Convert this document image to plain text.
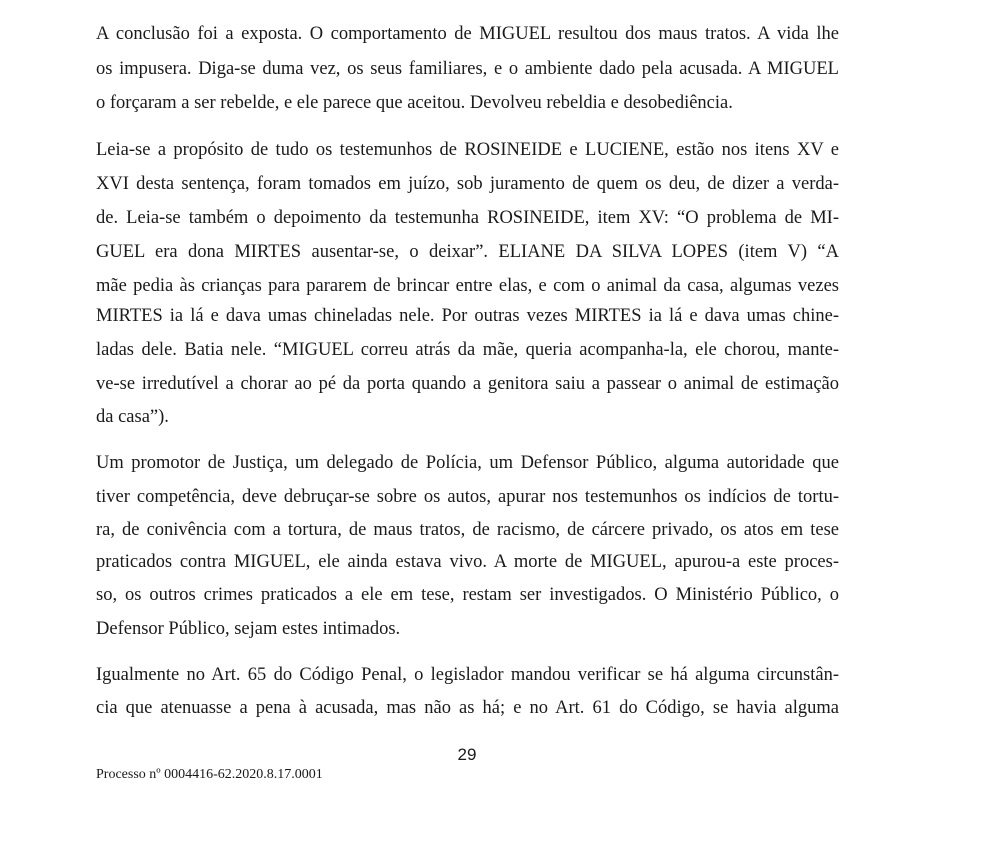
A conclusão foi a exposta. O comportamento de MIGUEL resultou dos maus tratos. A vida lhe
os impusera. Diga-se duma vez, os seus familiares, e o ambiente dado pela acusada. A MIGUEL
o forçaram a ser rebelde, e ele parece que aceitou. Devolveu rebeldia e desobediência.
Leia-se a propósito de tudo os testemunhos de ROSINEIDE e LUCIENE, estão nos itens XV e
XVI desta sentença, foram tomados em juízo, sob juramento de quem os deu, de dizer a verda-
de. Leia-se também o depoimento da testemunha ROSINEIDE, item XV: “O problema de MI-
GUEL era dona MIRTES ausentar-se, o deixar”. ELIANE DA SILVA LOPES (item V) “A
mãe pedia às crianças para pararem de brincar entre elas, e com o animal da casa, algumas vezes
MIRTES ia lá e dava umas chineladas nele. Por outras vezes MIRTES ia lá e dava umas chine-
ladas dele. Batia nele. “MIGUEL correu atrás da mãe, queria acompanha-la, ele chorou, mante-
ve-se irredutível a chorar ao pé da porta quando a genitora saiu a passear o animal de estimação
da casa”).
Um promotor de Justiça, um delegado de Polícia, um Defensor Público, alguma autoridade que
tiver competência, deve debruçar-se sobre os autos, apurar nos testemunhos os indícios de tortu-
ra, de conivência com a tortura, de maus tratos, de racismo, de cárcere privado, os atos em tese
praticados contra MIGUEL, ele ainda estava vivo. A morte de MIGUEL, apurou-a este proces-
so, os outros crimes praticados a ele em tese, restam ser investigados. O Ministério Público, o
Defensor Público, sejam estes intimados.
Igualmente no Art. 65 do Código Penal, o legislador mandou verificar se há alguma circunstân-
cia que atenuasse a pena à acusada, mas não as há; e no Art. 61 do Código, se havia alguma
29
Processo nº 0004416-62.2020.8.17.0001
